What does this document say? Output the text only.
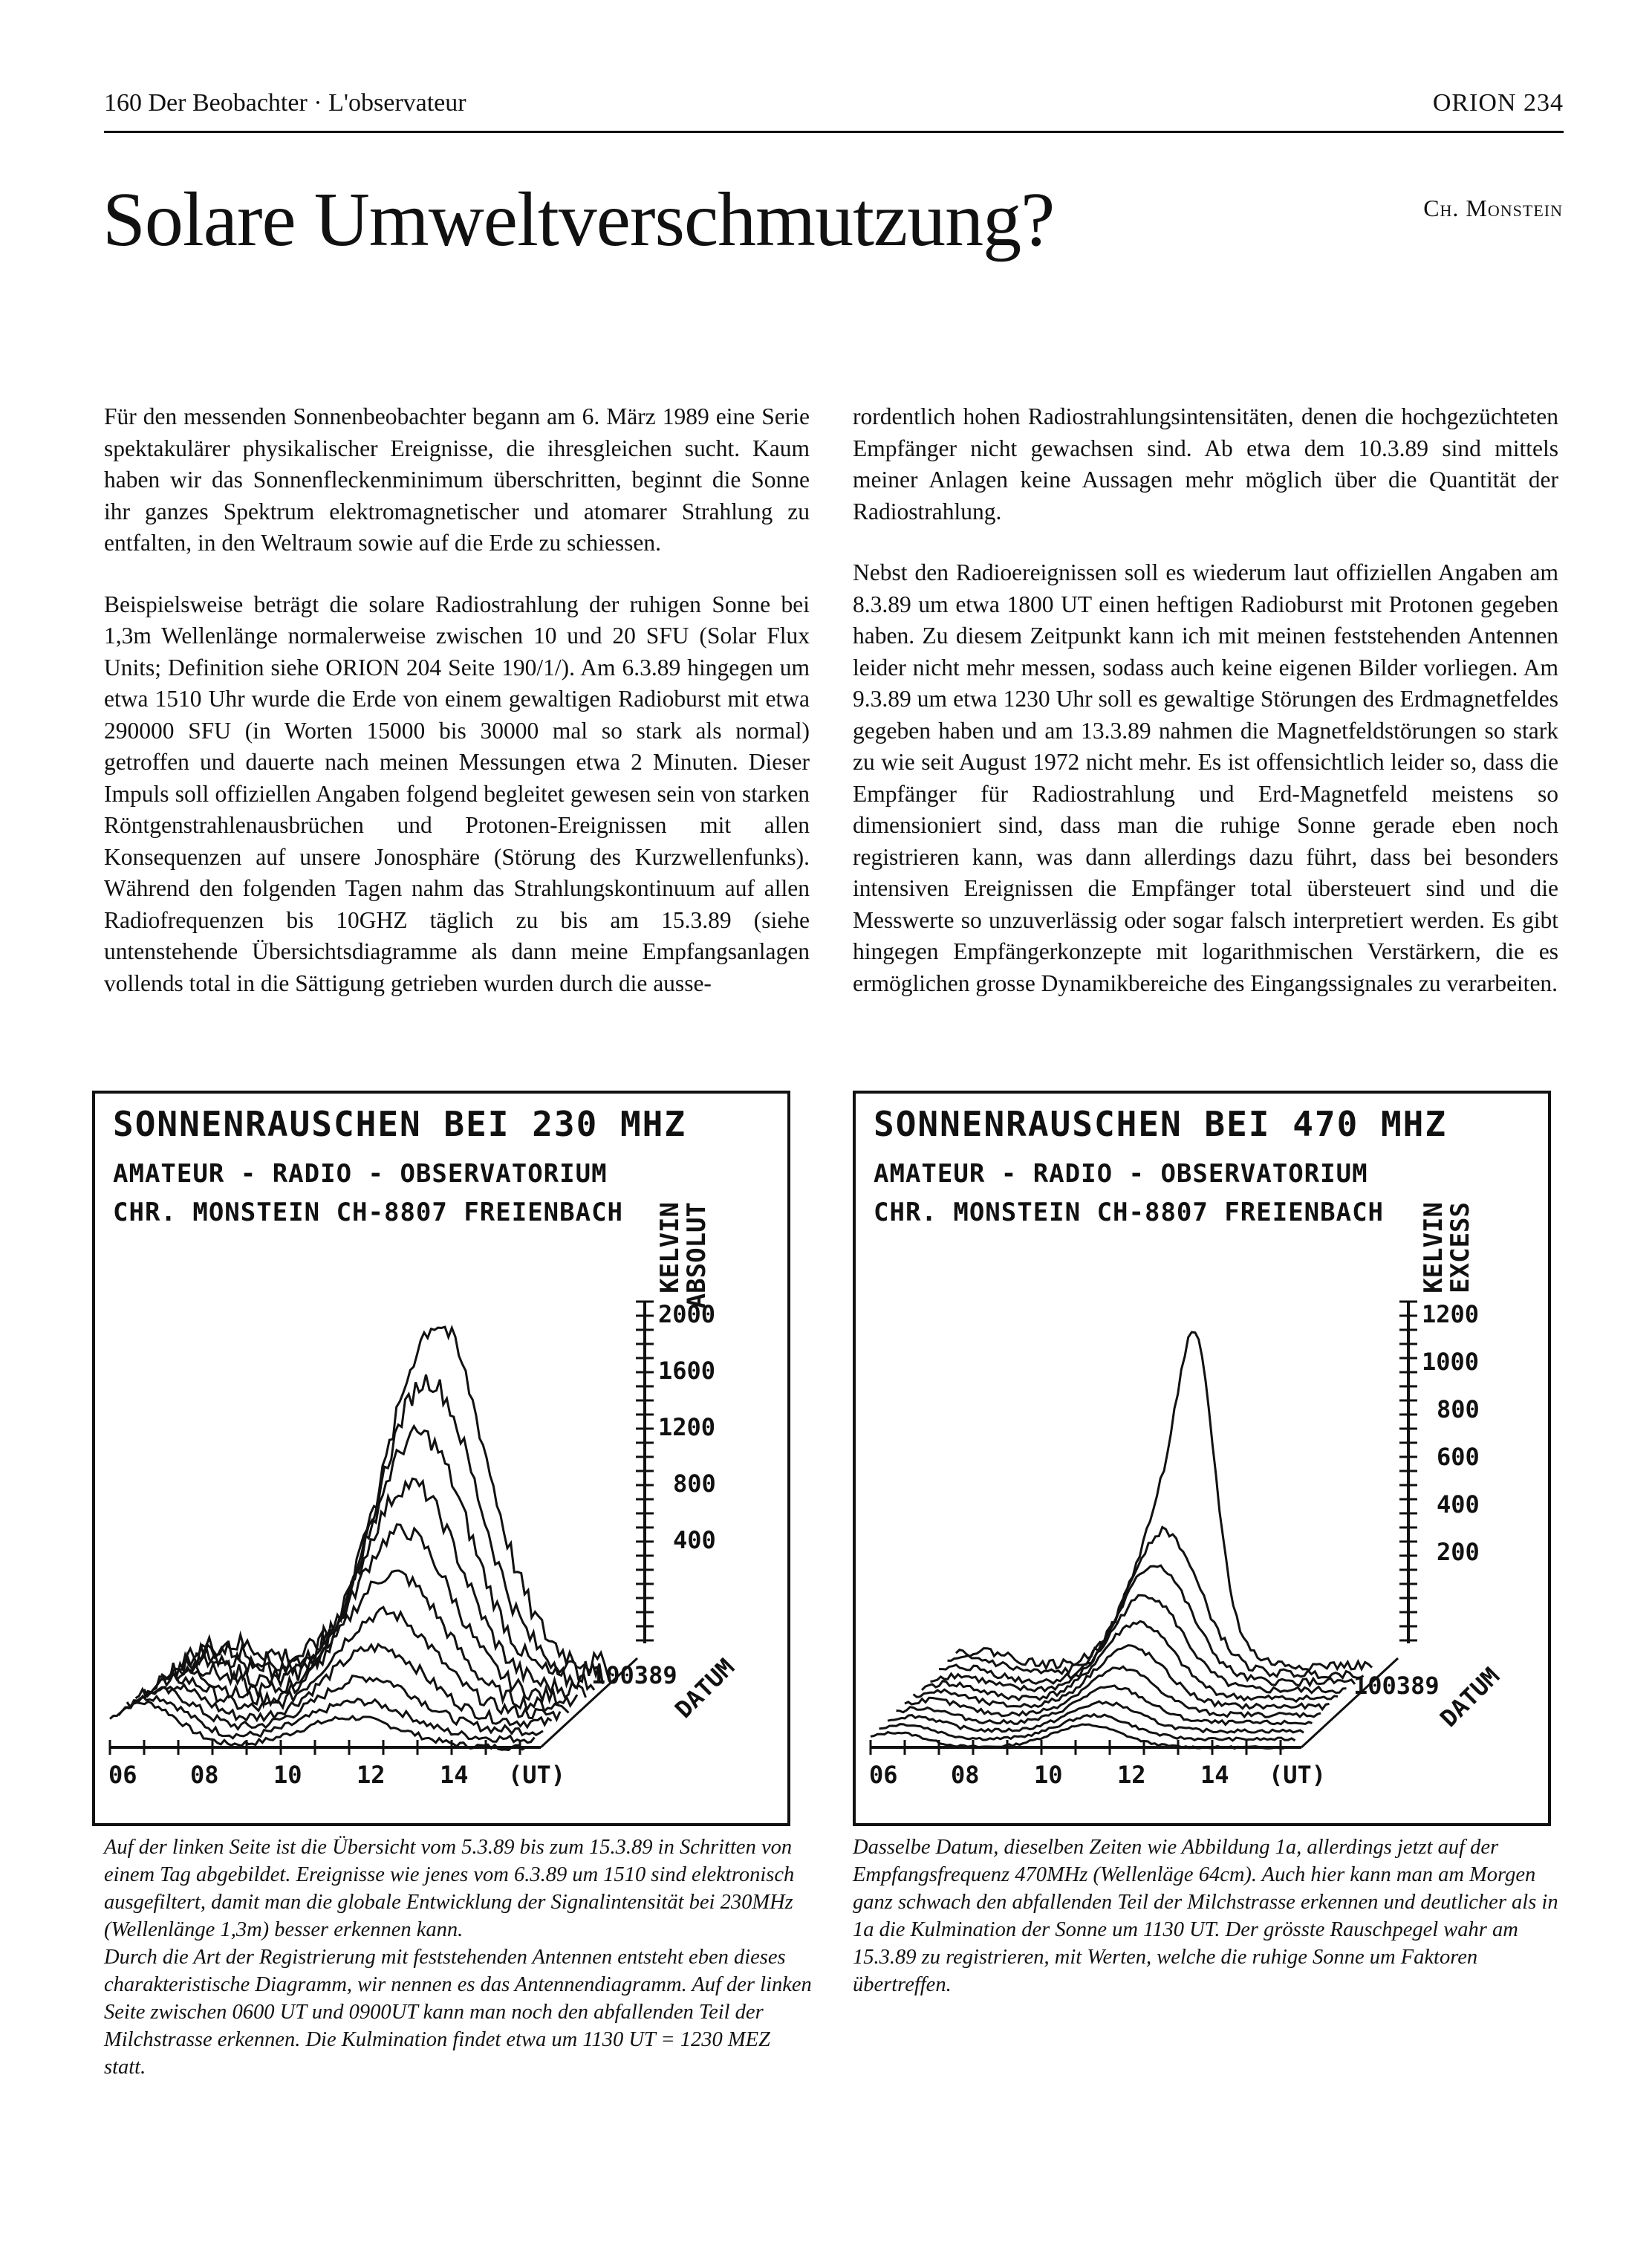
160 Der Beobachter · L'observateur	ORION 234
Solare Umweltverschmutzung?	Ch. Monstein

Für den messenden Sonnenbeobachter begann am 6. März 1989 eine Serie spektakulärer physikalischer Ereignisse, die ihresgleichen sucht. Kaum haben wir das Sonnenfleckenminimum überschritten, beginnt die Sonne ihr ganzes Spektrum elektromagnetischer und atomarer Strahlung zu entfalten, in den Weltraum sowie auf die Erde zu schiessen.

Beispielsweise beträgt die solare Radiostrahlung der ruhigen Sonne bei 1,3m Wellenlänge normalerweise zwischen 10 und 20 SFU (Solar Flux Units; Definition siehe ORION 204 Seite 190/1/). Am 6.3.89 hingegen um etwa 1510 Uhr wurde die Erde von einem gewaltigen Radioburst mit etwa 290000 SFU (in Worten 15000 bis 30000 mal so stark als normal) getroffen und dauerte nach meinen Messungen etwa 2 Minuten. Dieser Impuls soll offiziellen Angaben folgend begleitet gewesen sein von starken Röntgenstrahlenausbrüchen und Protonen-Ereignissen mit allen Konsequenzen auf unsere Jonosphäre (Störung des Kurzwellenfunks). Während den folgenden Tagen nahm das Strahlungskontinuum auf allen Radiofrequenzen bis 10GHZ täglich zu bis am 15.3.89 (siehe untenstehende Übersichtsdiagramme als dann meine Empfangsanlagen vollends total in die Sättigung getrieben wurden durch die ausse-

rordentlich hohen Radiostrahlungsintensitäten, denen die hochgezüchteten Empfänger nicht gewachsen sind. Ab etwa dem 10.3.89 sind mittels meiner Anlagen keine Aussagen mehr möglich über die Quantität der Radiostrahlung.

Nebst den Radioereignissen soll es wiederum laut offiziellen Angaben am 8.3.89 um etwa 1800 UT einen heftigen Radioburst mit Protonen gegeben haben. Zu diesem Zeitpunkt kann ich mit meinen feststehenden Antennen leider nicht mehr messen, sodass auch keine eigenen Bilder vorliegen. Am 9.3.89 um etwa 1230 Uhr soll es gewaltige Störungen des Erdmagnetfeldes gegeben haben und am 13.3.89 nahmen die Magnetfeldstörungen so stark zu wie seit August 1972 nicht mehr. Es ist offensichtlich leider so, dass die Empfänger für Radiostrahlung und Erd-Magnetfeld meistens so dimensioniert sind, dass man die ruhige Sonne gerade eben noch registrieren kann, was dann allerdings dazu führt, dass bei besonders intensiven Ereignissen die Empfänger total übersteuert sind und die Messwerte so unzuverlässig oder sogar falsch interpretiert werden. Es gibt hingegen Empfängerkonzepte mit logarithmischen Verstärkern, die es ermöglichen grosse Dynamikbereiche des Eingangssignales zu verarbeiten.

SONNENRAUSCHEN BEI 230 MHZ
AMATEUR - RADIO - OBSERVATORIUM
CHR. MONSTEIN CH-8807 FREIENBACH KELVIN
ABSOLUT
2000
1600
1200
800
400
100389
DATUM
06 08 10 12 14 (UT)
SONNENRAUSCHEN BEI 470 MHZ
AMATEUR - RADIO - OBSERVATORIUM
CHR. MONSTEIN CH-8807 FREIENBACH KELVIN
EXCESS
1200
1000
800
600
400
200
100389
DATUM
06 08 10 12 14 (UT)

Auf der linken Seite ist die Übersicht vom 5.3.89 bis zum 15.3.89 in Schritten von einem Tag abgebildet. Ereignisse wie jenes vom 6.3.89 um 1510 sind elektronisch ausgefiltert, damit man die globale Entwicklung der Signalintensität bei 230MHz (Wellenlänge 1,3m) besser erkennen kann.

Durch die Art der Registrierung mit feststehenden Antennen entsteht eben dieses charakteristische Diagramm, wir nennen es das Antennendiagramm. Auf der linken Seite zwischen 0600 UT und 0900UT kann man noch den abfallenden Teil der Milchstrasse erkennen. Die Kulmination findet etwa um 1130 UT = 1230 MEZ statt.

Dasselbe Datum, dieselben Zeiten wie Abbildung 1a, allerdings jetzt auf der Empfangsfrequenz 470MHz (Wellenläge 64cm). Auch hier kann man am Morgen ganz schwach den abfallenden Teil der Milchstrasse erkennen und deutlicher als in 1a die Kulmination der Sonne um 1130 UT. Der grösste Rauschpegel wahr am 15.3.89 zu registrieren, mit Werten, welche die ruhige Sonne um Faktoren übertreffen.
